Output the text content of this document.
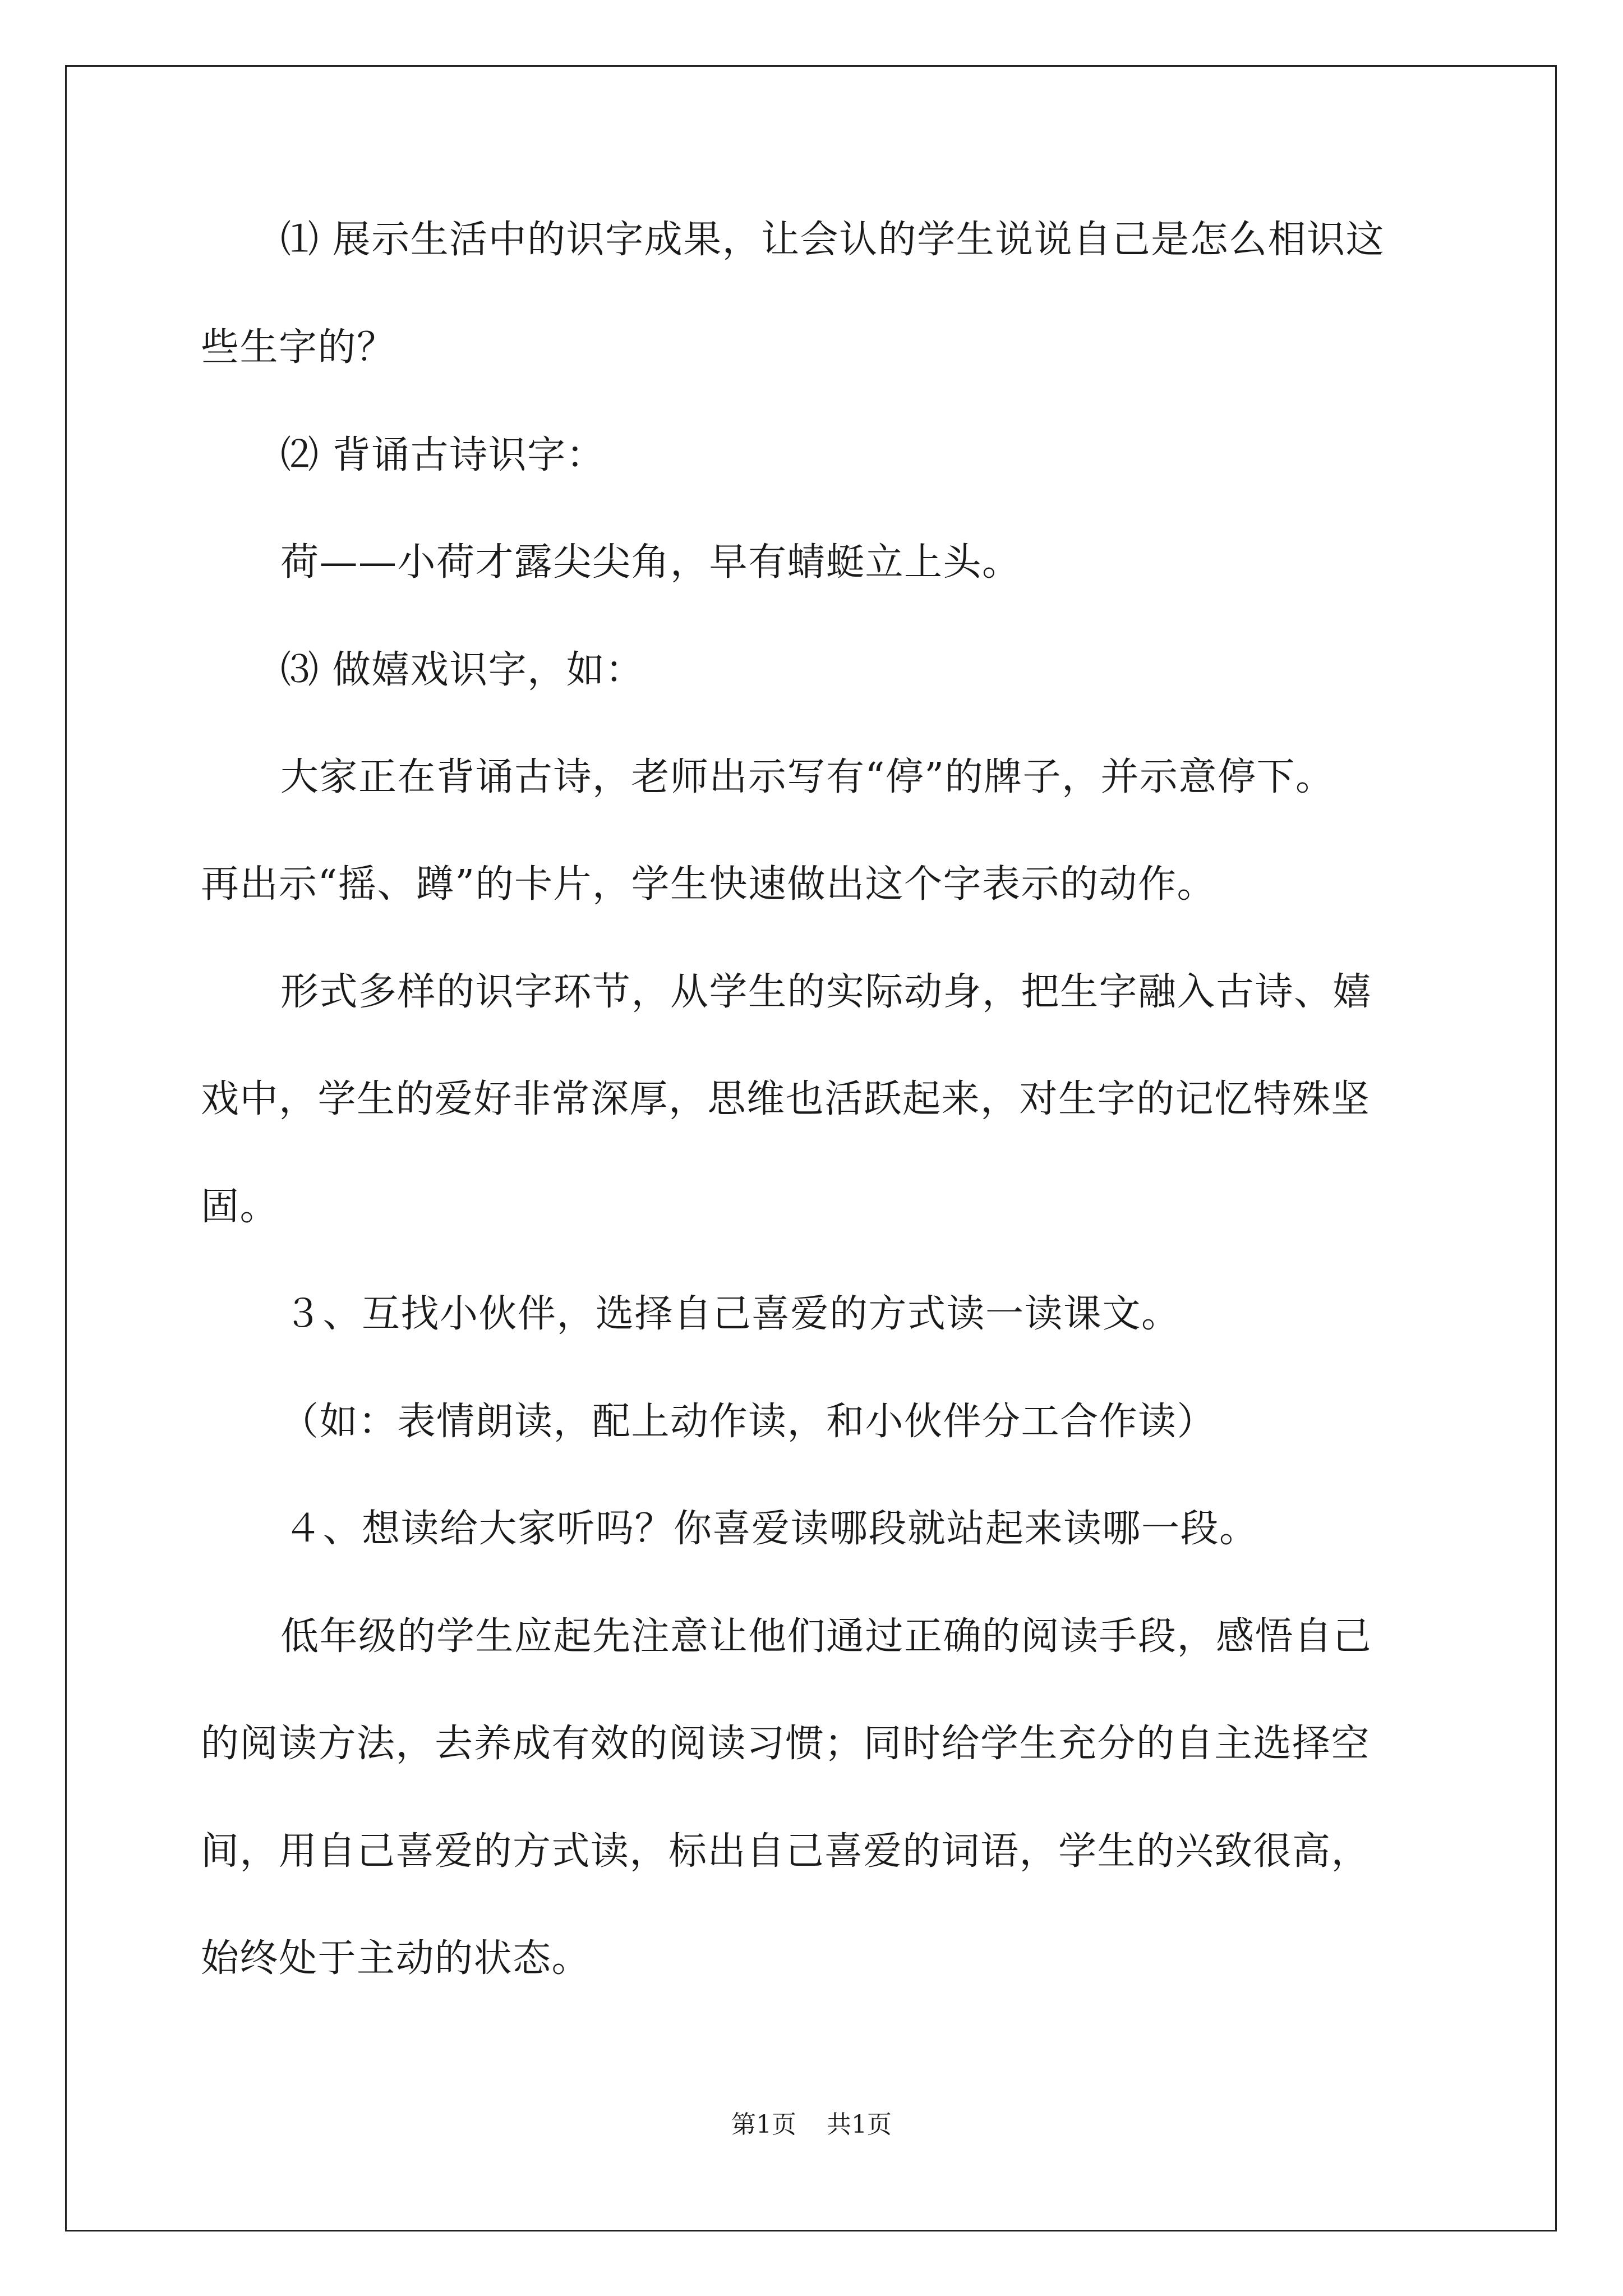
⑴ 展示生活中的识字成果，让会认的学生说说自己是怎么相识这
些生字的？
⑵ 背诵古诗识字：
荷——小荷才露尖尖角，早有蜻蜓立上头。
⑶ 做嬉戏识字，如：
大家正在背诵古诗，老师出示写有“停”的牌子，并示意停下。
再出示“摇、蹲”的卡片，学生快速做出这个字表示的动作。
形式多样的识字环节，从学生的实际动身，把生字融入古诗、嬉
戏中，学生的爱好非常深厚，思维也活跃起来，对生字的记忆特殊坚
固。
３、互找小伙伴，选择自己喜爱的方式读一读课文。
（如：表情朗读，配上动作读，和小伙伴分工合作读）
４、想读给大家听吗？你喜爱读哪段就站起来读哪一段。
低年级的学生应起先注意让他们通过正确的阅读手段，感悟自己
的阅读方法，去养成有效的阅读习惯；同时给学生充分的自主选择空
间，用自己喜爱的方式读，标出自己喜爱的词语，学生的兴致很高，
始终处于主动的状态。
第1页 共1页
